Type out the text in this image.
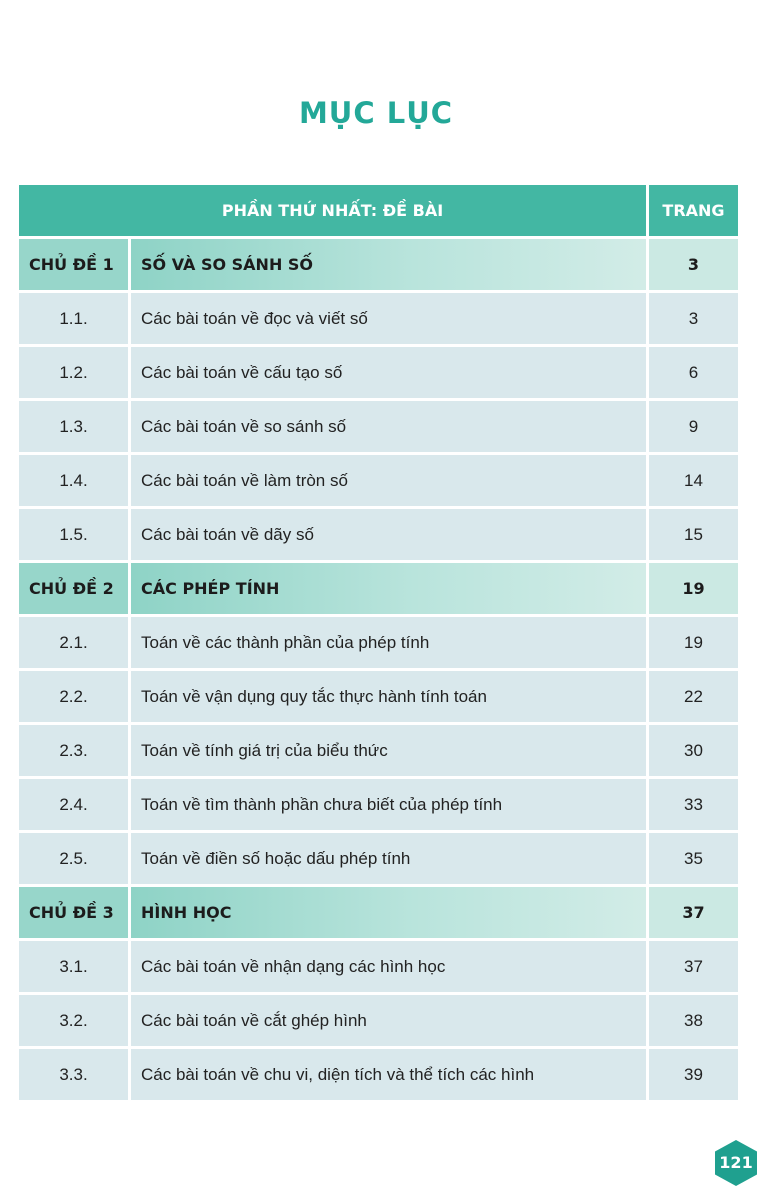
MỤC LỤC
PHẦN THỨ NHẤT: ĐỀ BÀI		TRANG
CHỦ ĐỀ 1	SỐ VÀ SO SÁNH SỐ	3
1.1.	Các bài toán về đọc và viết số	3
1.2.	Các bài toán về cấu tạo số	6
1.3.	Các bài toán về so sánh số	9
1.4.	Các bài toán về làm tròn số	14
1.5.	Các bài toán về dãy số	15
CHỦ ĐỀ 2	CÁC PHÉP TÍNH	19
2.1.	Toán về các thành phần của phép tính	19
2.2.	Toán về vận dụng quy tắc thực hành tính toán	22
2.3.	Toán về tính giá trị của biểu thức	30
2.4.	Toán về tìm thành phần chưa biết của phép tính	33
2.5.	Toán về điền số hoặc dấu phép tính	35
CHỦ ĐỀ 3	HÌNH HỌC	37
3.1.	Các bài toán về nhận dạng các hình học	37
3.2.	Các bài toán về cắt ghép hình	38
3.3.	Các bài toán về chu vi, diện tích và thể tích các hình	39
121
